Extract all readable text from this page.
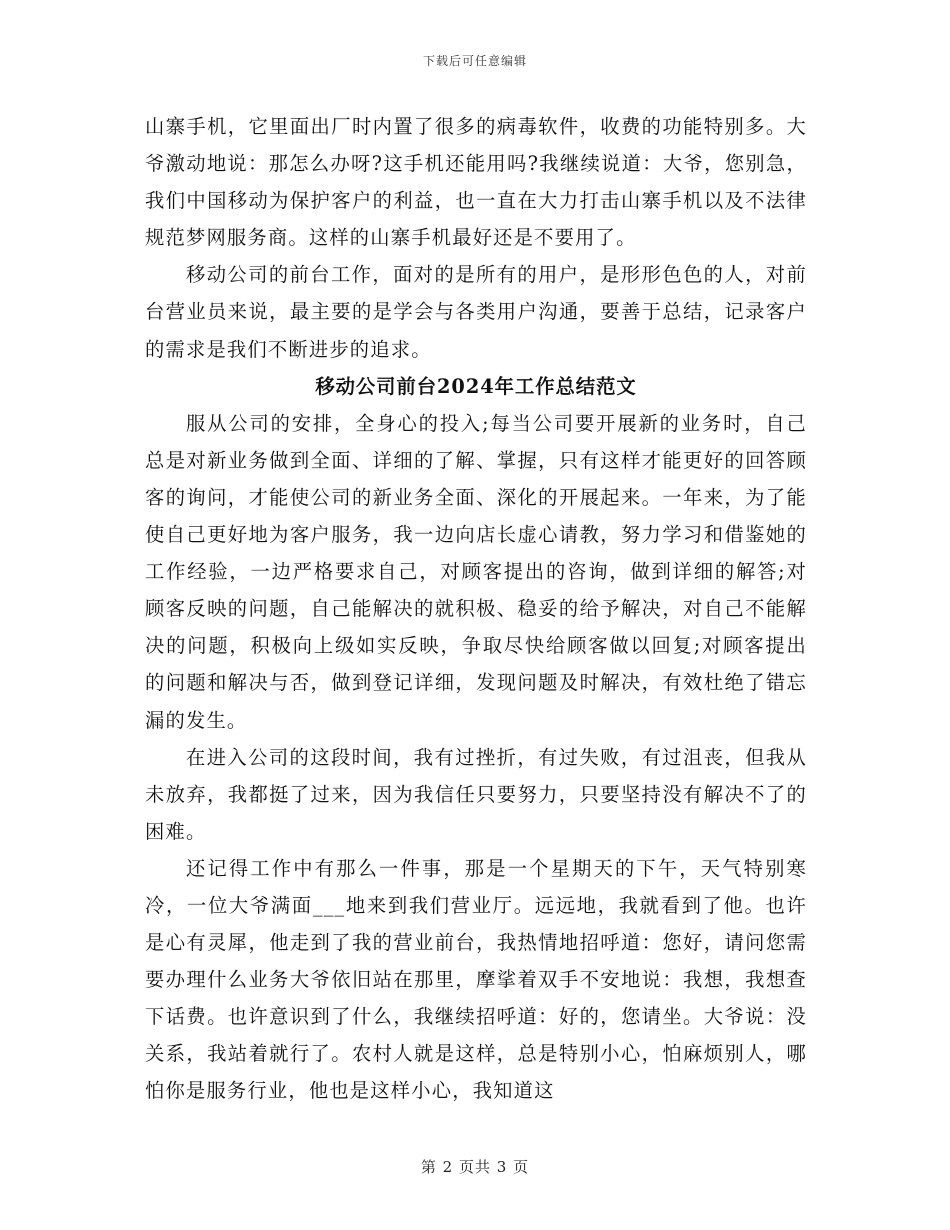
下载后可任意编辑

山寨手机，它里面出厂时内置了很多的病毒软件，收费的功能特别多。大爷激动地说：那怎么办呀?这手机还能用吗?我继续说道：大爷，您别急，我们中国移动为保护客户的利益，也一直在大力打击山寨手机以及不法律规范梦网服务商。这样的山寨手机最好还是不要用了。

移动公司的前台工作，面对的是所有的用户，是形形色色的人，对前台营业员来说，最主要的是学会与各类用户沟通，要善于总结，记录客户的需求是我们不断进步的追求。

移动公司前台2024年工作总结范文

服从公司的安排，全身心的投入;每当公司要开展新的业务时，自己总是对新业务做到全面、详细的了解、掌握，只有这样才能更好的回答顾客的询问，才能使公司的新业务全面、深化的开展起来。一年来，为了能使自己更好地为客户服务，我一边向店长虚心请教，努力学习和借鉴她的工作经验，一边严格要求自己，对顾客提出的咨询，做到详细的解答;对顾客反映的问题，自己能解决的就积极、稳妥的给予解决，对自己不能解决的问题，积极向上级如实反映，争取尽快给顾客做以回复;对顾客提出的问题和解决与否，做到登记详细，发现问题及时解决，有效杜绝了错忘漏的发生。

在进入公司的这段时间，我有过挫折，有过失败，有过沮丧，但我从未放弃，我都挺了过来，因为我信任只要努力，只要坚持没有解决不了的困难。

还记得工作中有那么一件事，那是一个星期天的下午，天气特别寒冷，一位大爷满面___地来到我们营业厅。远远地，我就看到了他。也许是心有灵犀，他走到了我的营业前台，我热情地招呼道：您好，请问您需要办理什么业务大爷依旧站在那里，摩挲着双手不安地说：我想，我想查下话费。也许意识到了什么，我继续招呼道：好的，您请坐。大爷说：没关系，我站着就行了。农村人就是这样，总是特别小心，怕麻烦别人，哪怕你是服务行业，他也是这样小心，我知道这

第 2 页共 3 页
